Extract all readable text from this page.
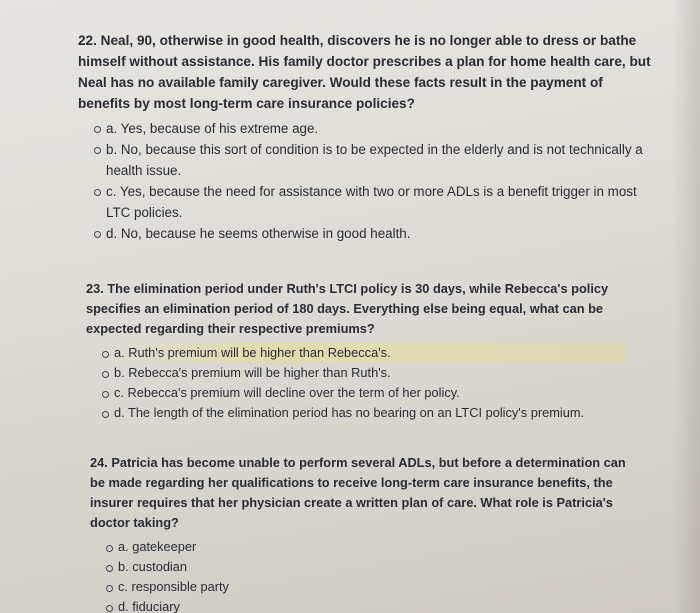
22. Neal, 90, otherwise in good health, discovers he is no longer able to dress or bathe himself without assistance. His family doctor prescribes a plan for home health care, but Neal has no available family caregiver. Would these facts result in the payment of benefits by most long-term care insurance policies?

a. Yes, because of his extreme age.
b. No, because this sort of condition is to be expected in the elderly and is not technically a health issue.
c. Yes, because the need for assistance with two or more ADLs is a benefit trigger in most LTC policies.
d. No, because he seems otherwise in good health.

23. The elimination period under Ruth's LTCI policy is 30 days, while Rebecca's policy specifies an elimination period of 180 days. Everything else being equal, what can be expected regarding their respective premiums?

a. Ruth's premium will be higher than Rebecca's.
b. Rebecca's premium will be higher than Ruth's.
c. Rebecca's premium will decline over the term of her policy.
d. The length of the elimination period has no bearing on an LTCI policy's premium.

24. Patricia has become unable to perform several ADLs, but before a determination can be made regarding her qualifications to receive long-term care insurance benefits, the insurer requires that her physician create a written plan of care. What role is Patricia's doctor taking?

a. gatekeeper
b. custodian
c. responsible party
d. fiduciary
